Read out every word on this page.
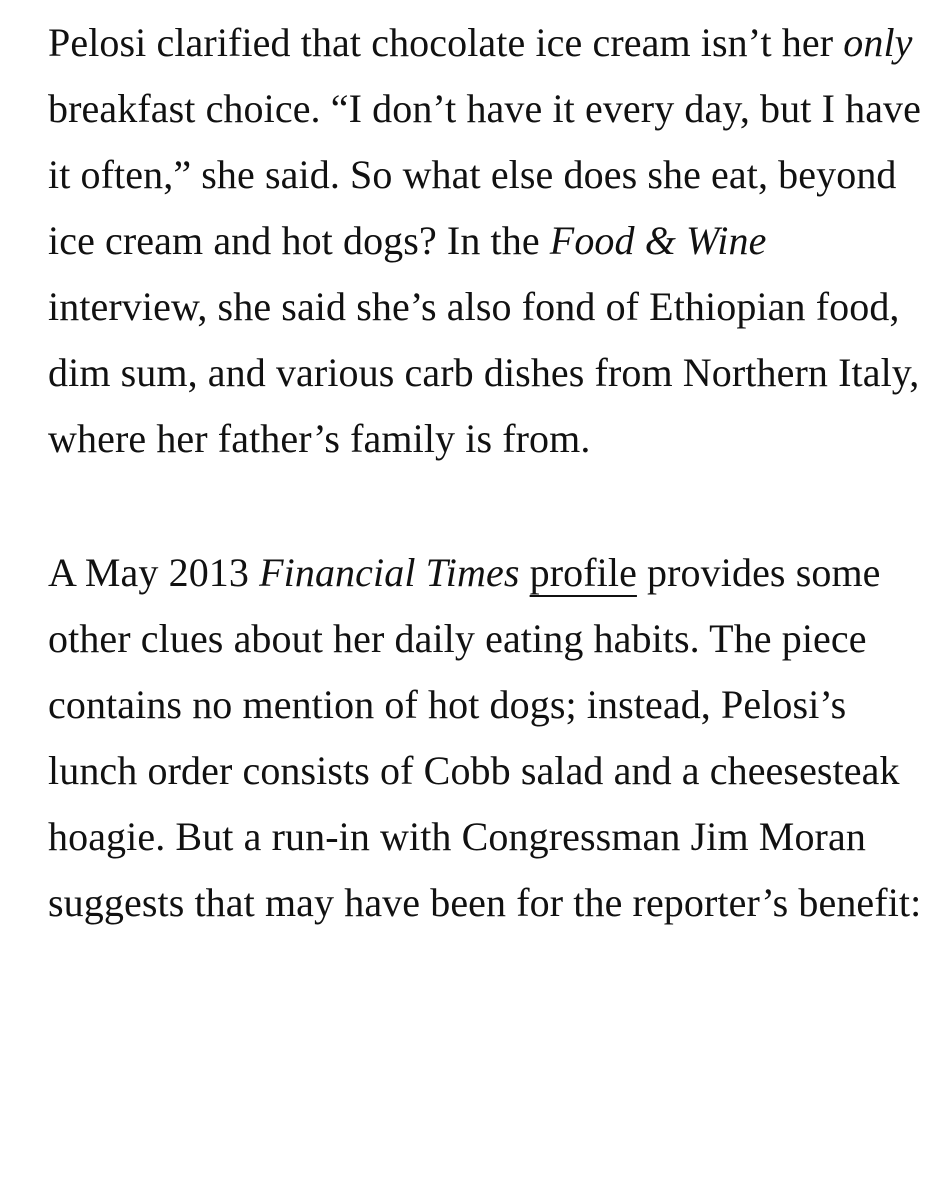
Pelosi clarified that chocolate ice cream isn’t her only breakfast choice. “I don’t have it every day, but I have it often,” she said. So what else does she eat, beyond ice cream and hot dogs? In the Food & Wine interview, she said she’s also fond of Ethiopian food, dim sum, and various carb dishes from Northern Italy, where her father’s family is from.

A May 2013 Financial Times profile provides some other clues about her daily eating habits. The piece contains no mention of hot dogs; instead, Pelosi’s lunch order consists of Cobb salad and a cheesesteak hoagie. But a run-in with Congressman Jim Moran suggests that may have been for the reporter’s benefit:
